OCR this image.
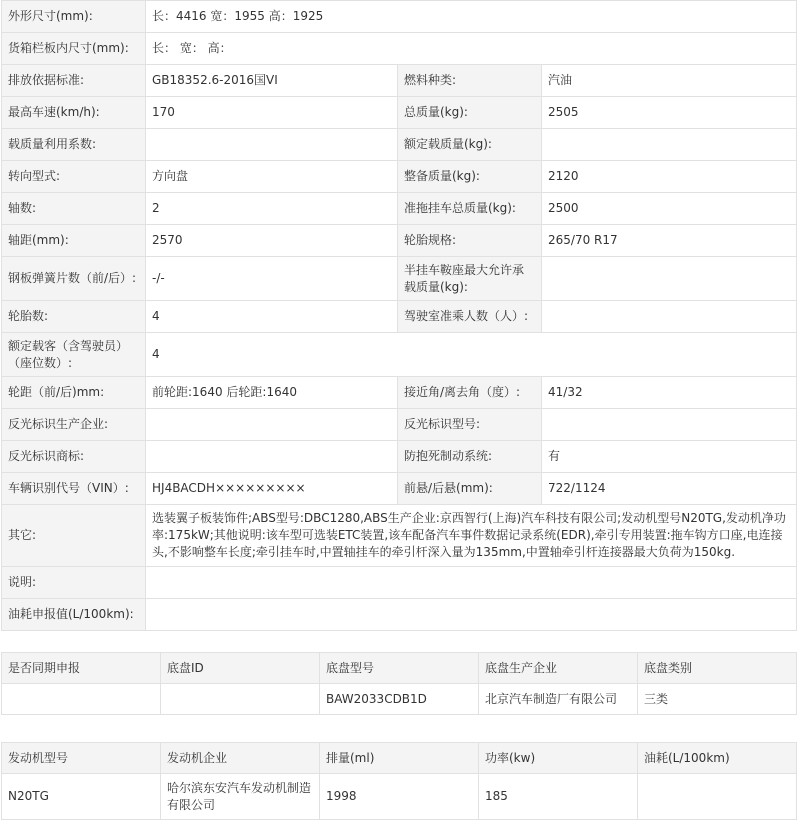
外形尺寸(mm):	长：4416 宽：1955 高：1925		
货箱栏板内尺寸(mm):	长： 宽： 高：		
排放依据标准:	GB18352.6-2016国VI	燃料种类:	汽油
最高车速(km/h):	170	总质量(kg):	2505
载质量利用系数:		额定载质量(kg):	
转向型式:	方向盘	整备质量(kg):	2120
轴数:	2	准拖挂车总质量(kg):	2500
轴距(mm):	2570	轮胎规格:	265/70 R17
钢板弹簧片数（前/后）:	-/-	半挂车鞍座最大允许承载质量(kg):	
轮胎数:	4	驾驶室准乘人数（人）:	
额定载客（含驾驶员）（座位数）:	4		
轮距（前/后)mm:	前轮距:1640 后轮距:1640	接近角/离去角（度）:	41/32
反光标识生产企业:		反光标识型号:	
反光标识商标:		防抱死制动系统:	有
车辆识别代号（VIN）:	HJ4BACDH×××××××××	前悬/后悬(mm):	722/1124
其它:	选装翼子板装饰件;ABS型号:DBC1280,ABS生产企业:京西智行(上海)汽车科技有限公司;发动机型号N20TG,发动机净功率:175kW;其他说明:该车型可选装ETC装置,该车配备汽车事件数据记录系统(EDR),牵引专用装置:拖车钩方口座,电连接头,不影响整车长度;牵引挂车时,中置轴挂车的牵引杆深入量为135mm,中置轴牵引杆连接器最大负荷为150kg.		
说明:			
油耗申报值(L/100km):			
是否同期申报	底盘ID	底盘型号	底盘生产企业	底盘类别
		BAW2033CDB1D	北京汽车制造厂有限公司	三类
发动机型号	发动机企业	排量(ml)	功率(kw)	油耗(L/100km)
N20TG	哈尔滨东安汽车发动机制造有限公司	1998	185	
